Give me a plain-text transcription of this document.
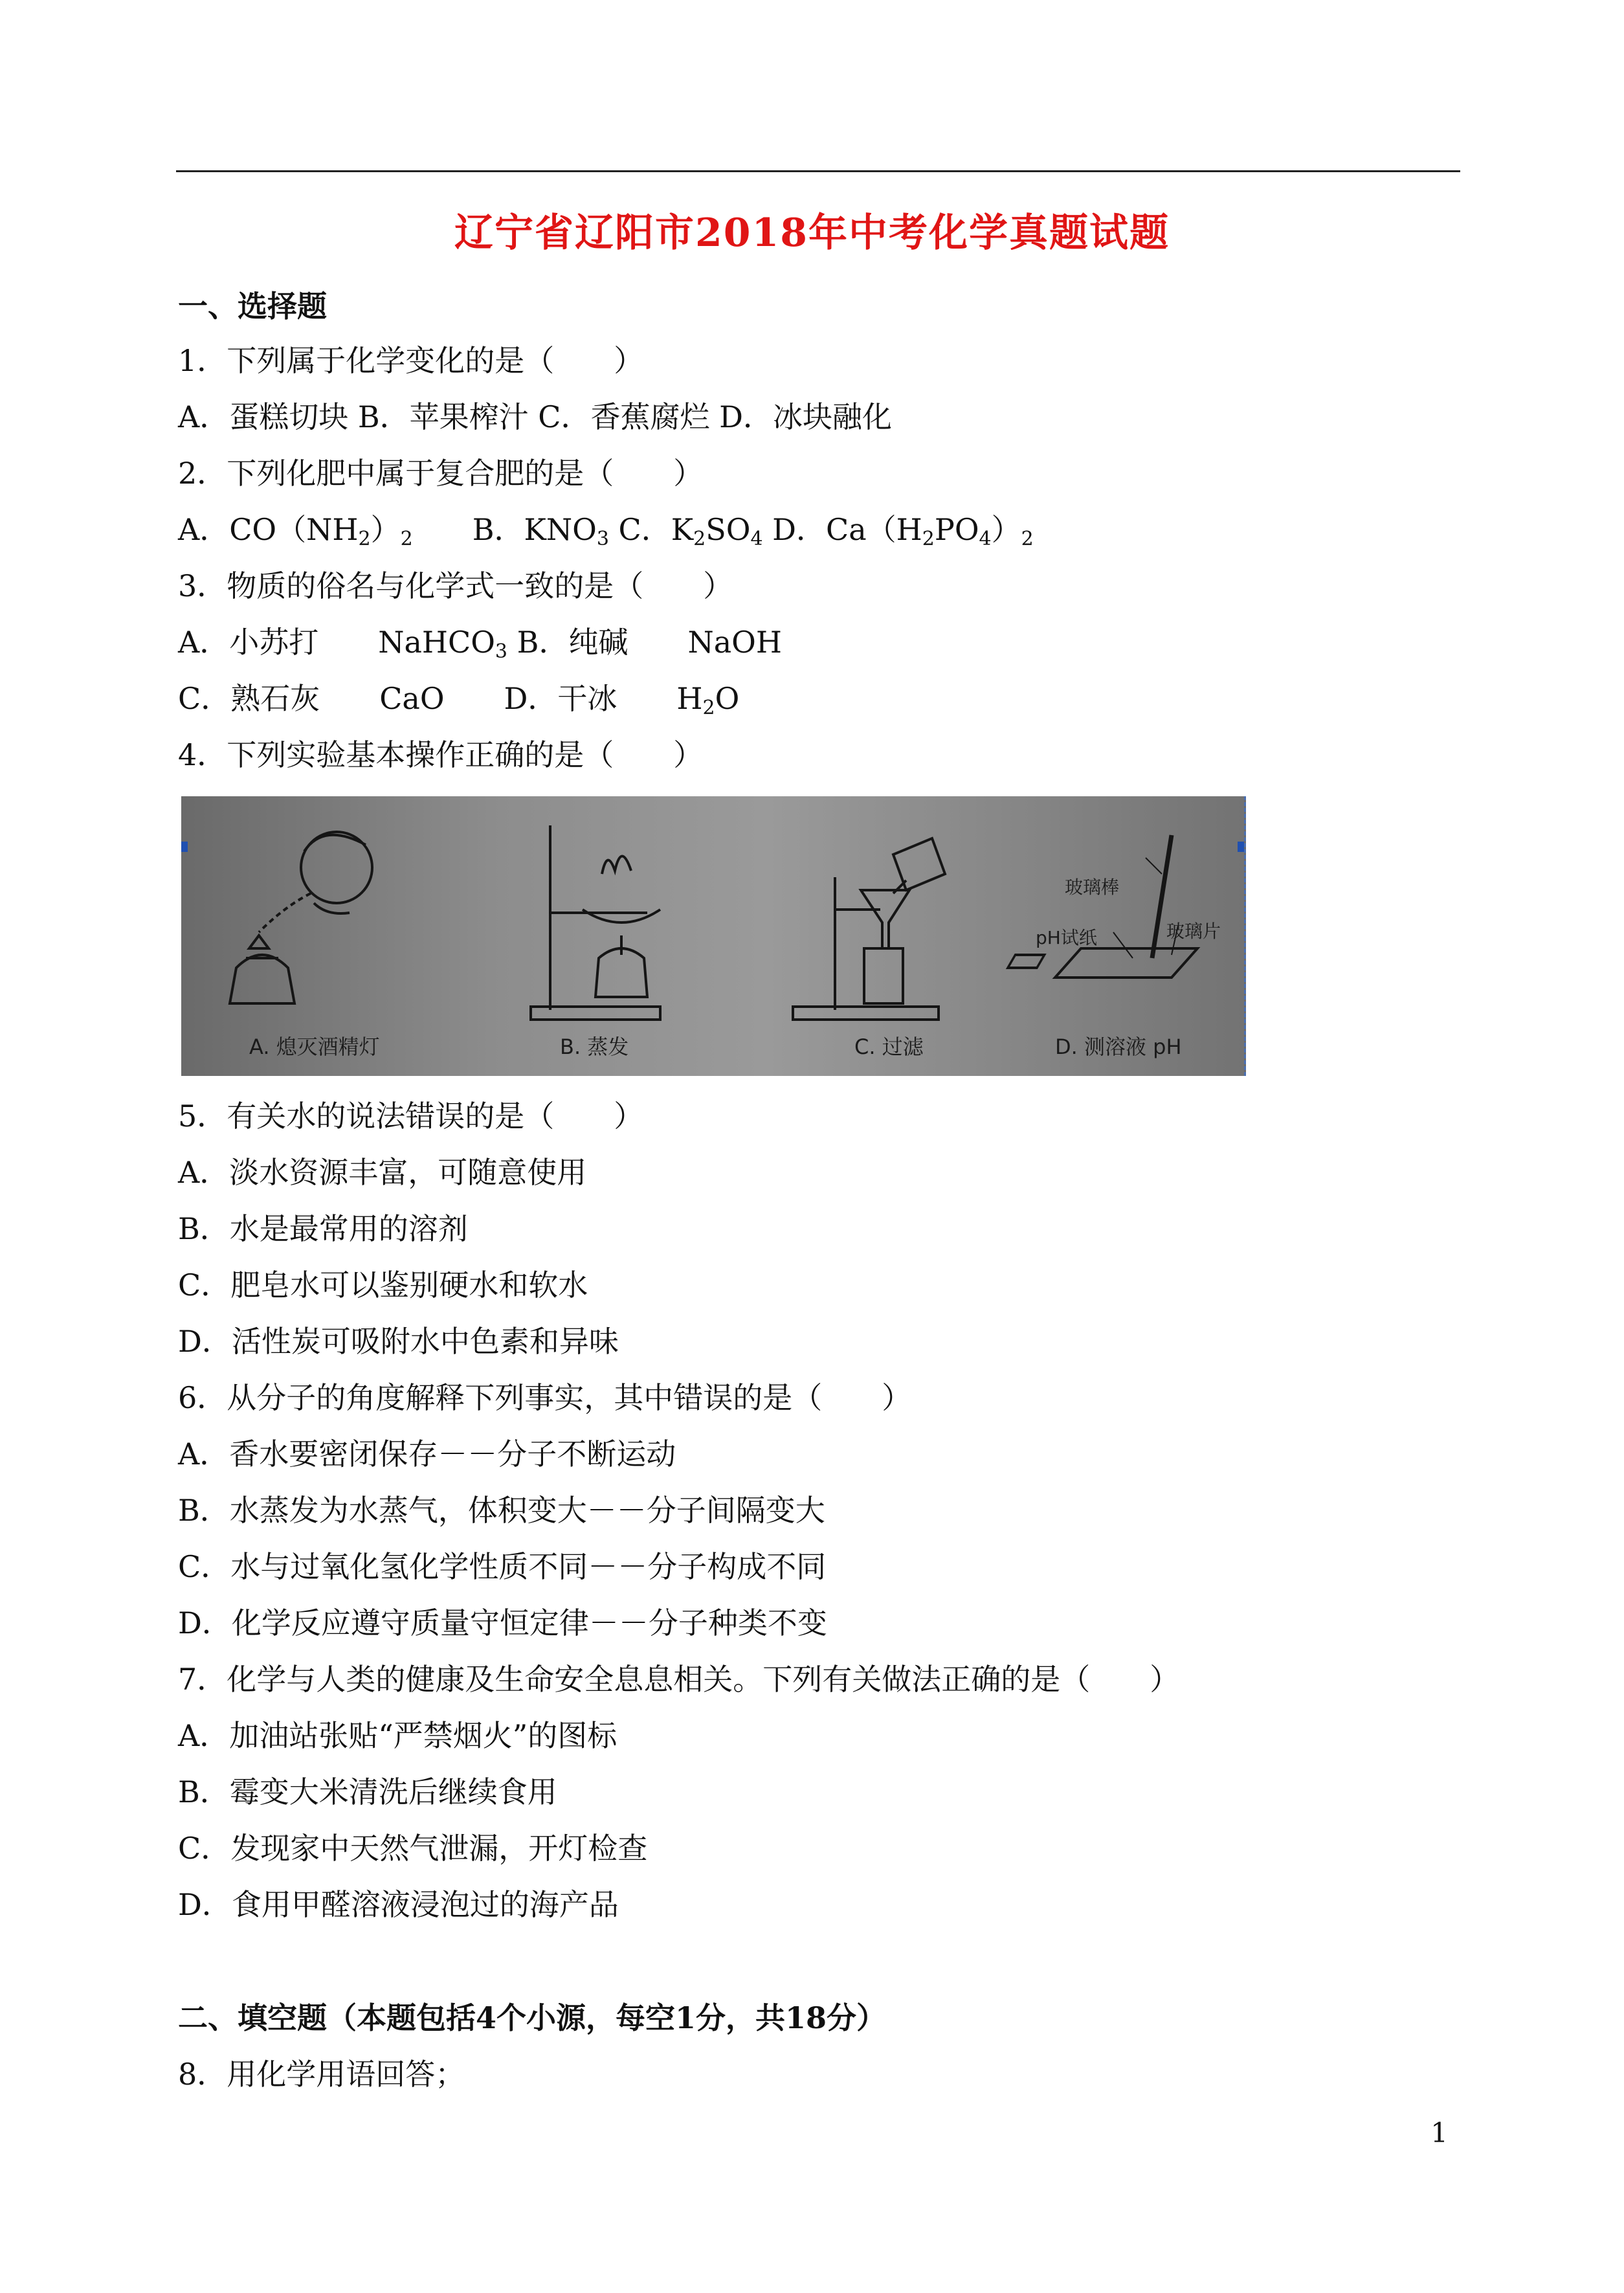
辽宁省辽阳市2018年中考化学真题试题
一、选择题
1．下列属于化学变化的是（　　）
A．蛋糕切块 B．苹果榨汁 C．香蕉腐烂 D．冰块融化
2．下列化肥中属于复合肥的是（　　）
A．$CO(NH_2)_2$　　B．$KNO_3$ C．$K_2SO_4$ D．$Ca(H_2PO_4)_2$
3．物质的俗名与化学式一致的是（　　）
A．小苏打　　NaHCO$_3$ B．纯碱　　NaOH
C．熟石灰　　CaO　　D．干冰　　$H_2O$
4．下列实验基本操作正确的是（　　）
A. 熄灭酒精灯	B. 蒸发	C. 过滤	D. 测溶液 pH
玻璃棒
pH试纸	玻璃片
5．有关水的说法错误的是（　　）
A．淡水资源丰富，可随意使用
B．水是最常用的溶剂
C．肥皂水可以鉴别硬水和软水
D．活性炭可吸附水中色素和异味
6．从分子的角度解释下列事实，其中错误的是（　　）
A．香水要密闭保存－－分子不断运动
B．水蒸发为水蒸气，体积变大－－分子间隔变大
C．水与过氧化氢化学性质不同－－分子构成不同
D．化学反应遵守质量守恒定律－－分子种类不变
7．化学与人类的健康及生命安全息息相关。下列有关做法正确的是（　　）
A．加油站张贴“严禁烟火”的图标
B．霉变大米清洗后继续食用
C．发现家中天然气泄漏，开灯检查
D．食用甲醛溶液浸泡过的海产品
二、填空题（本题包括4个小源，每空1分，共18分）
8．用化学用语回答；
1
